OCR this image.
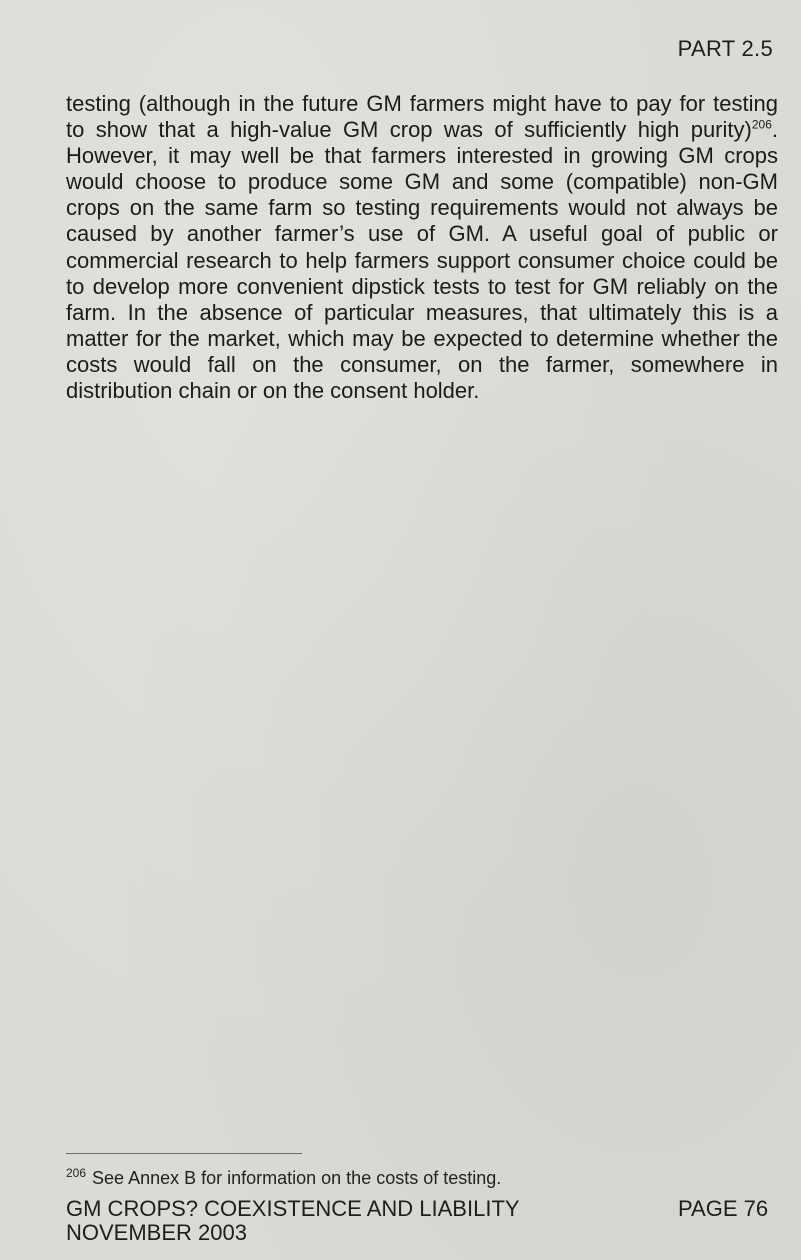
PART 2.5

testing (although in the future GM farmers might have to pay for testing to show that a high-value GM crop was of sufficiently high purity)$^{206}$. However, it may well be that farmers interested in growing GM crops would choose to produce some GM and some (compatible) non-GM crops on the same farm so testing requirements would not always be caused by another farmer’s use of GM. A useful goal of public or commercial research to help farmers support consumer choice could be to develop more convenient dipstick tests to test for GM reliably on the farm. In the absence of particular measures, that ultimately this is a matter for the market, which may be expected to determine whether the costs would fall on the consumer, on the farmer, somewhere in distribution chain or on the consent holder.

$^{206}$ See Annex B for information on the costs of testing.
GM CROPS? COEXISTENCE AND LIABILITY
NOVEMBER 2003
PAGE 76
